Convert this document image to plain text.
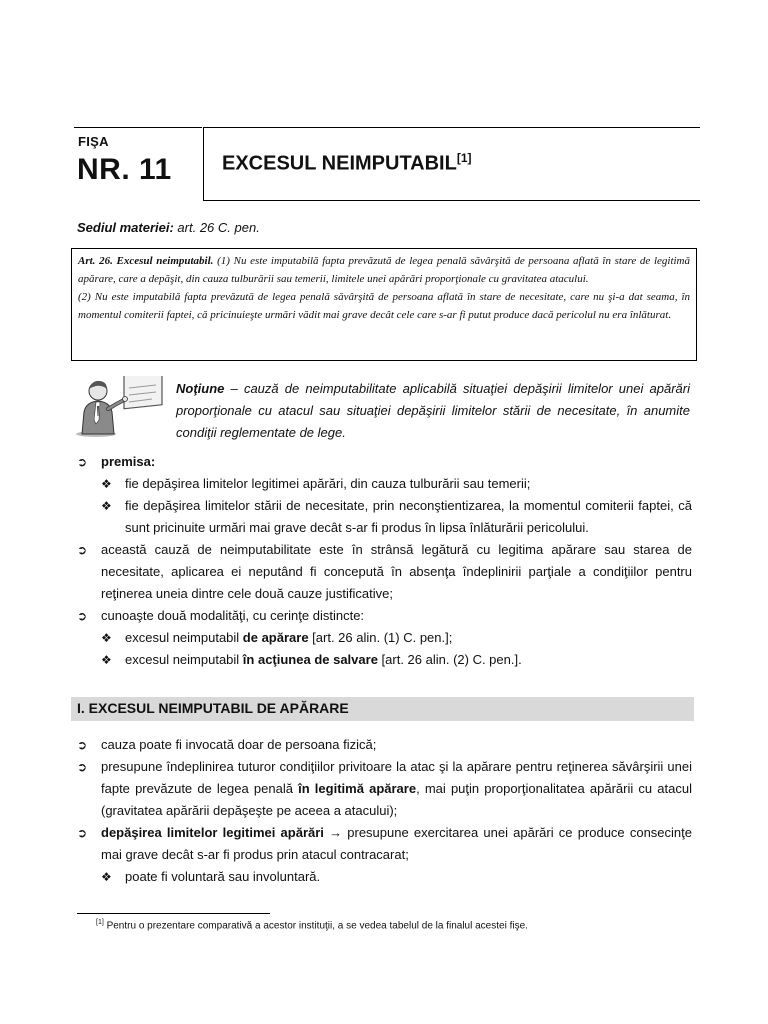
FIŞA
NR. 11	EXCESUL NEIMPUTABIL[1]
Sediul materiei: art. 26 C. pen.

Art. 26. Excesul neimputabil. (1) Nu este imputabilă fapta prevăzută de legea penală săvârşită de persoana aflată în stare de legitimă apărare, care a depăşit, din cauza tulburării sau temerii, limitele unei apărări proporţionale cu gravitatea atacului.

(2) Nu este imputabilă fapta prevăzută de legea penală săvârşită de persoana aflată în stare de necesitate, care nu şi-a dat seama, în momentul comiterii faptei, că pricinuieşte urmări vădit mai grave decât cele care s-ar fi putut produce dacă pericolul nu era înlăturat.

Noţiune – cauză de neimputabilitate aplicabilă situaţiei depăşirii limitelor unei apărări proporţionale cu atacul sau situaţiei depăşirii limitelor stării de necesitate, în anumite condiţii reglementate de lege.
➲ premisa:
❖ fie depăşirea limitelor legitimei apărări, din cauza tulburării sau temerii;
❖ fie depăşirea limitelor stării de necesitate, prin neconştientizarea, la momentul comiterii faptei, că sunt pricinuite urmări mai grave decât s-ar fi produs în lipsa înlăturării pericolului.
➲ această cauză de neimputabilitate este în strânsă legătură cu legitima apărare sau starea de necesitate, aplicarea ei neputând fi concepută în absenţa îndeplinirii parţiale a condiţiilor pentru reţinerea uneia dintre cele două cauze justificative;
➲ cunoaşte două modalităţi, cu cerinţe distincte:
❖ excesul neimputabil de apărare [art. 26 alin. (1) C. pen.];
❖ excesul neimputabil în acţiunea de salvare [art. 26 alin. (2) C. pen.].
I. EXCESUL NEIMPUTABIL DE APĂRARE
➲ cauza poate fi invocată doar de persoana fizică;
➲ presupune îndeplinirea tuturor condiţiilor privitoare la atac şi la apărare pentru reţinerea săvârşirii unei fapte prevăzute de legea penală în legitimă apărare, mai puţin proporţionalitatea apărării cu atacul (gravitatea apărării depăşeşte pe aceea a atacului);
➲ depăşirea limitelor legitimei apărări → presupune exercitarea unei apărări ce produce consecinţe mai grave decât s-ar fi produs prin atacul contracarat;
❖ poate fi voluntară sau involuntară.
[1] Pentru o prezentare comparativă a acestor instituţii, a se vedea tabelul de la finalul acestei fişe.
